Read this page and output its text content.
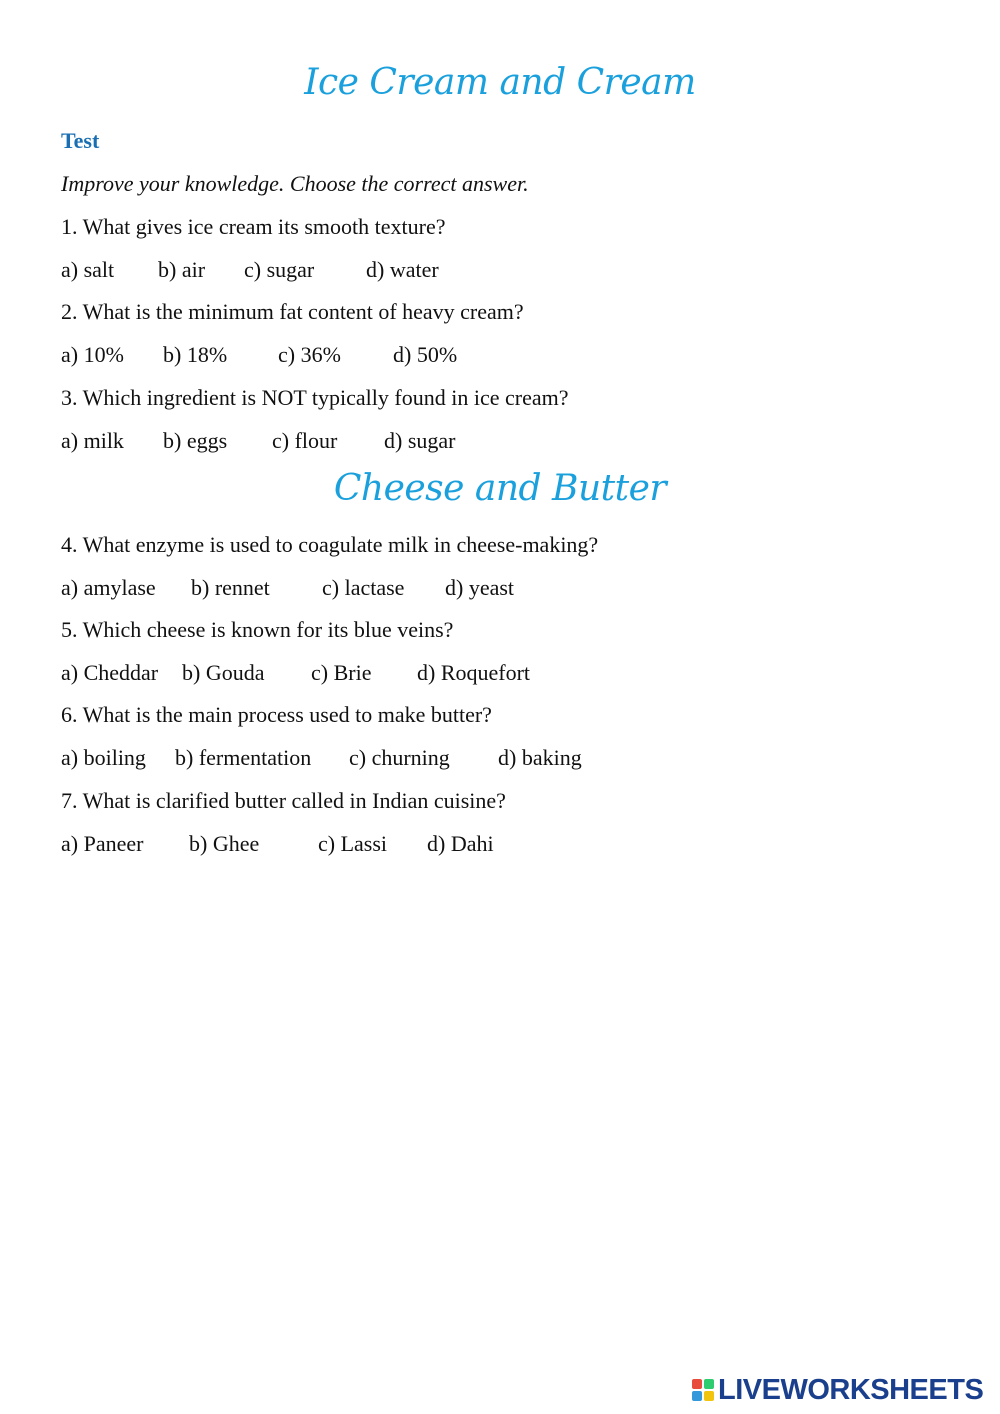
Ice Cream and Cream
Test
Improve your knowledge. Choose the correct answer.
1. What gives ice cream its smooth texture?
a) salt b) air c) sugar d) water
2. What is the minimum fat content of heavy cream?
a) 10% b) 18% c) 36% d) 50%
3. Which ingredient is NOT typically found in ice cream?
a) milk b) eggs c) flour d) sugar
Cheese and Butter
4. What enzyme is used to coagulate milk in cheese-making?
a) amylase b) rennet c) lactase d) yeast
5. Which cheese is known for its blue veins?
a) Cheddar b) Gouda c) Brie d) Roquefort
6. What is the main process used to make butter?
a) boiling b) fermentation c) churning d) baking
7. What is clarified butter called in Indian cuisine?
a) Paneer b) Ghee	c) Lassi d) Dahi
LIVEWORKSHEETS
